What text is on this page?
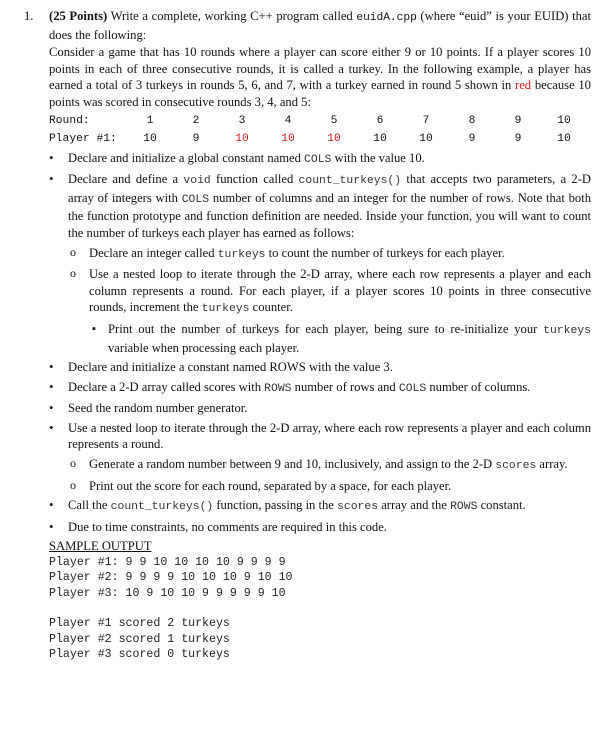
1. (25 Points) Write a complete, working C++ program called euidA.cpp (where “euid” is your EUID) that does the following:

Consider a game that has 10 rounds where a player can score either 9 or 10 points. If a player scores 10 points in each of three consecutive rounds, it is called a turkey. In the following example, a player has earned a total of 3 turkeys in rounds 5, 6, and 7, with a turkey earned in round 5 shown in red because 10 points was scored in consecutive rounds 3, 4, and 5:

Round:	1	2	3	4	5	6	7	8	9	10
Player #1:	10	9	10	10	10	10	10	9	9	10
• Declare and initialize a global constant named COLS with the value 10.
• Declare and define a void function called count_turkeys() that accepts two parameters, a 2-D array of integers with COLS number of columns and an integer for the number of rows. Note that both the function prototype and function definition are needed. Inside your function, you will want to count the number of turkeys each player has earned as follows:
o Declare an integer called turkeys to count the number of turkeys for each player.
o Use a nested loop to iterate through the 2-D array, where each row represents a player and each column represents a round. For each player, if a player scores 10 points in three consecutive rounds, increment the turkeys counter.
▪ Print out the number of turkeys for each player, being sure to re-initialize your turkeys variable when processing each player.
• Declare and initialize a constant named ROWS with the value 3.
• Declare a 2-D array called scores with ROWS number of rows and COLS number of columns.
• Seed the random number generator.
• Use a nested loop to iterate through the 2-D array, where each row represents a player and each column represents a round.
o Generate a random number between 9 and 10, inclusively, and assign to the 2-D scores array.
o Print out the score for each round, separated by a space, for each player.
• Call the count_turkeys() function, passing in the scores array and the ROWS constant.
• Due to time constraints, no comments are required in this code.
SAMPLE OUTPUT
Player #1: 9 9 10 10 10 10 9 9 9 9
Player #2: 9 9 9 9 10 10 10 9 10 10
Player #3: 10 9 10 10 9 9 9 9 9 10
Player #1 scored 2 turkeys
Player #2 scored 1 turkeys
Player #3 scored 0 turkeys
